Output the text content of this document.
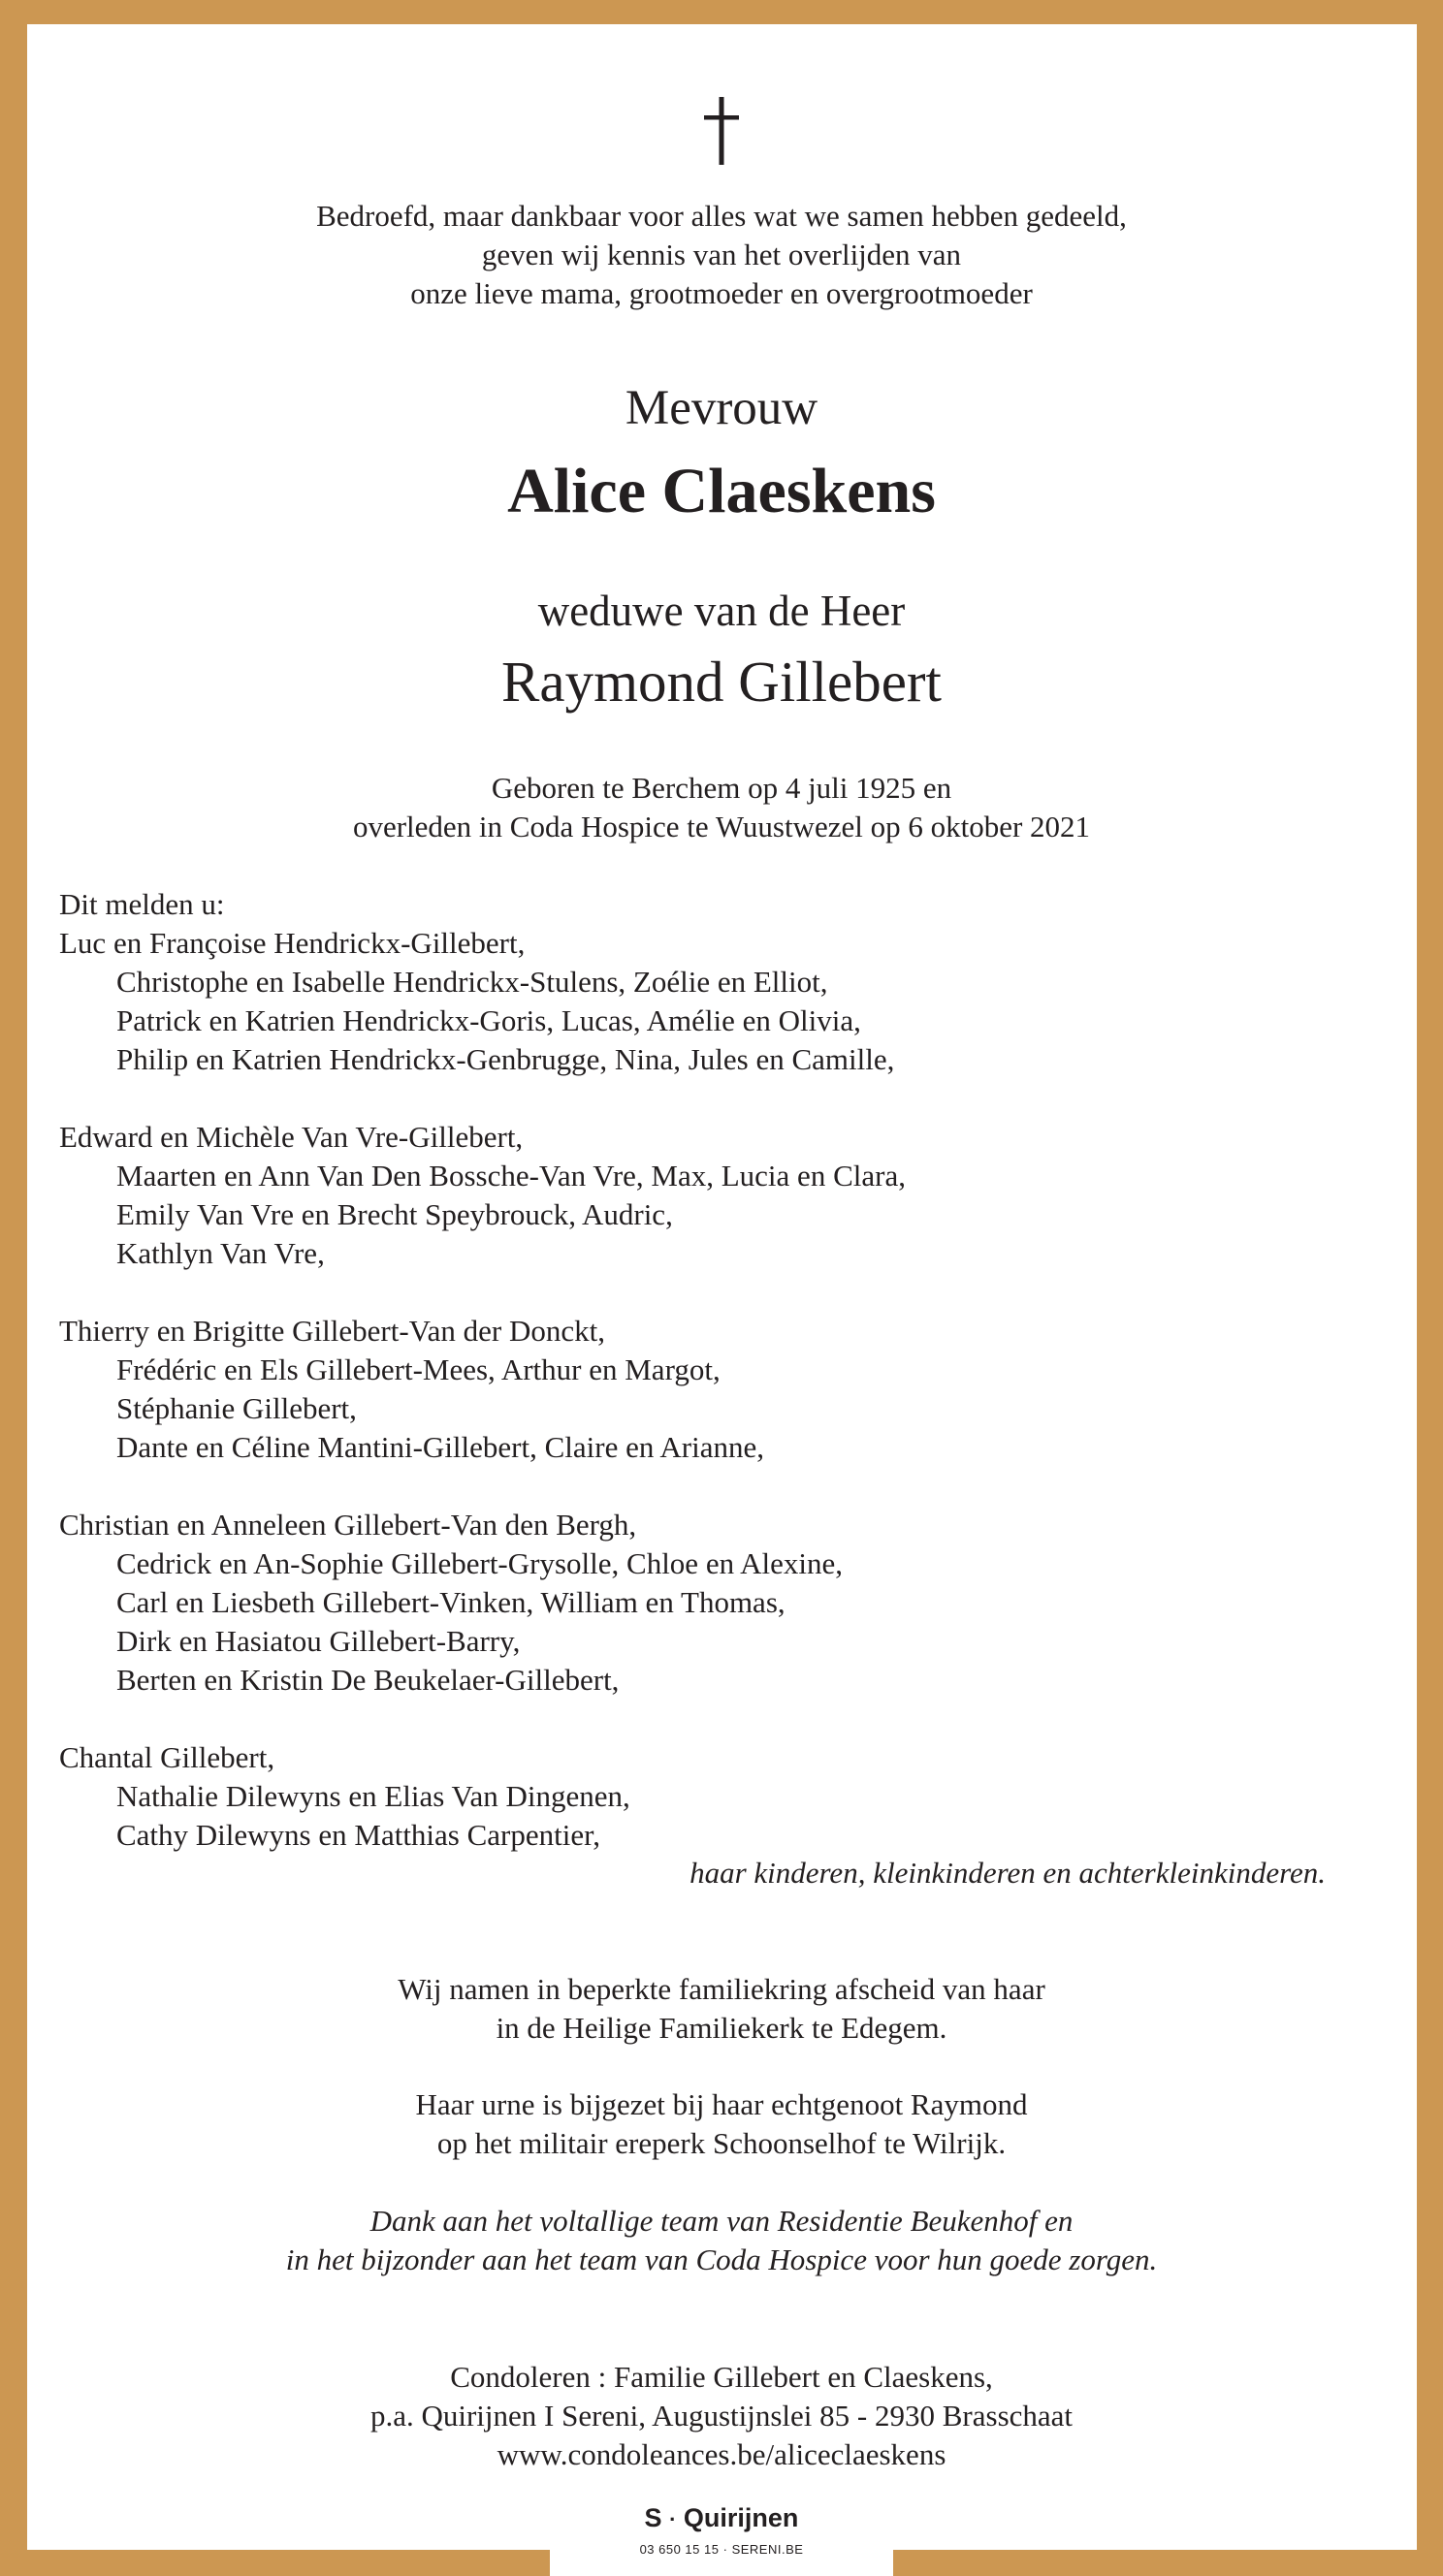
Bedroefd, maar dankbaar voor alles wat we samen hebben gedeeld,
geven wij kennis van het overlijden van
onze lieve mama, grootmoeder en overgrootmoeder
Mevrouw
Alice Claeskens
weduwe van de Heer
Raymond Gillebert
Geboren te Berchem op 4 juli 1925 en
overleden in Coda Hospice te Wuustwezel op 6 oktober 2021
Dit melden u:
Luc en Françoise Hendrickx-Gillebert,
Christophe en Isabelle Hendrickx-Stulens, Zoélie en Elliot,
Patrick en Katrien Hendrickx-Goris, Lucas, Amélie en Olivia,
Philip en Katrien Hendrickx-Genbrugge, Nina, Jules en Camille,
Edward en Michèle Van Vre-Gillebert,
Maarten en Ann Van Den Bossche-Van Vre, Max, Lucia en Clara,
Emily Van Vre en Brecht Speybrouck, Audric,
Kathlyn Van Vre,
Thierry en Brigitte Gillebert-Van der Donckt,
Frédéric en Els Gillebert-Mees, Arthur en Margot,
Stéphanie Gillebert,
Dante en Céline Mantini-Gillebert, Claire en Arianne,
Christian en Anneleen Gillebert-Van den Bergh,
Cedrick en An-Sophie Gillebert-Grysolle, Chloe en Alexine,
Carl en Liesbeth Gillebert-Vinken, William en Thomas,
Dirk en Hasiatou Gillebert-Barry,
Berten en Kristin De Beukelaer-Gillebert,
Chantal Gillebert,
Nathalie Dilewyns en Elias Van Dingenen,
Cathy Dilewyns en Matthias Carpentier,
haar kinderen, kleinkinderen en achterkleinkinderen.
Wij namen in beperkte familiekring afscheid van haar
in de Heilige Familiekerk te Edegem.
Haar urne is bijgezet bij haar echtgenoot Raymond
op het militair ereperk Schoonselhof te Wilrijk.
Dank aan het voltallige team van Residentie Beukenhof en
in het bijzonder aan het team van Coda Hospice voor hun goede zorgen.
Condoleren : Familie Gillebert en Claeskens,
p.a. Quirijnen I Sereni, Augustijnslei 85 - 2930 Brasschaat
www.condoleances.be/aliceclaeskens
S · Quirijnen
03 650 15 15 · SERENI.BE
